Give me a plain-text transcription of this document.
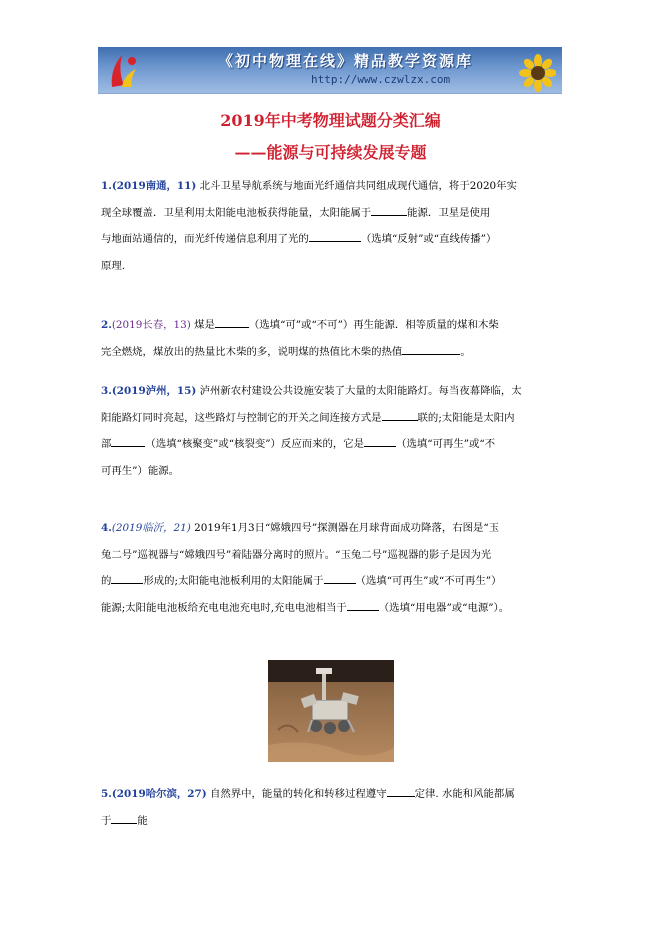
《初中物理在线》精品教学资源库
http://www.czwlzx.com
2019年中考物理试题分类汇编
——能源与可持续发展专题
1.(2019南通，11) 北斗卫星导航系统与地面光纤通信共同组成现代通信，将于2020年实
现全球覆盖．卫星利用太阳能电池板获得能量，太阳能属于	能源．卫星是使用
与地面站通信的，而光纤传递信息利用了光的	（选填“反射”或“直线传播”）
原理.
2.(2019长春，13) 煤是	（选填“可”或“不可”）再生能源．相等质量的煤和木柴
完全燃烧，煤放出的热量比木柴的多，说明煤的热值比木柴的热值	。
3.(2019泸州，15) 泸州新农村建设公共设施安装了大量的太阳能路灯。每当夜幕降临，太
阳能路灯同时亮起，这些路灯与控制它的开关之间连接方式是	联的;太阳能是太阳内
部	（选填“核聚变”或“核裂变”）反应而来的，它是	（选填“可再生”或“不
可再生”）能源。
4.(2019临沂，21) 2019年1月3日“嫦娥四号”探测器在月球背面成功降落，右图是“玉
兔二号”巡视器与“嫦娥四号”着陆器分离时的照片。“玉兔二号”巡视器的影子是因为光
的	形成的;太阳能电池板利用的太阳能属于	（选填“可再生”或“不可再生”）
能源;太阳能电池板给充电电池充电时,充电电池相当于	（选填“用电器”或“电源”）。
5.(2019哈尔滨，27) 自然界中，能量的转化和转移过程遵守	定律. 水能和风能都属
于	能
